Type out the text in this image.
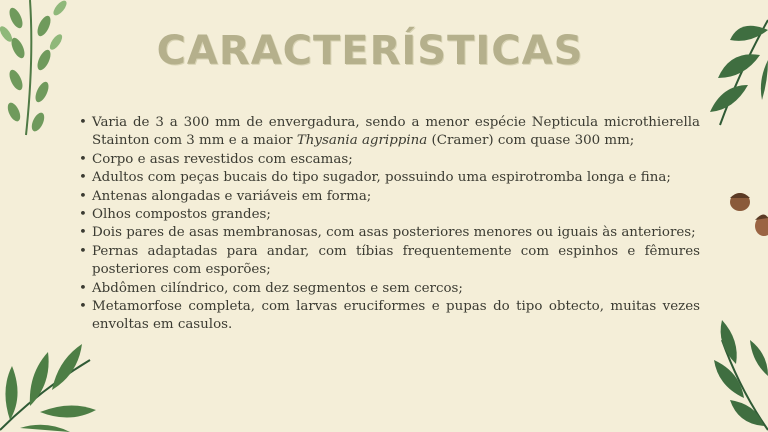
CARACTERÍSTICAS
• Varia de 3 a 300 mm de envergadura, sendo a menor espécie Nepticula microthierella Stainton com 3 mm e a maior Thysania agrippina (Cramer) com quase 300 mm;
• Corpo e asas revestidos com escamas;
• Adultos com peças bucais do tipo sugador, possuindo uma espirotromba longa e fina;
• Antenas alongadas e variáveis em forma;
• Olhos compostos grandes;
• Dois pares de asas membranosas, com asas posteriores menores ou iguais às anteriores;
• Pernas adaptadas para andar, com tíbias frequentemente com espinhos e fêmures posteriores com esporões;
• Abdômen cilíndrico, com dez segmentos e sem cercos;
• Metamorfose completa, com larvas eruciformes e pupas do tipo obtecto, muitas vezes envoltas em casulos.
